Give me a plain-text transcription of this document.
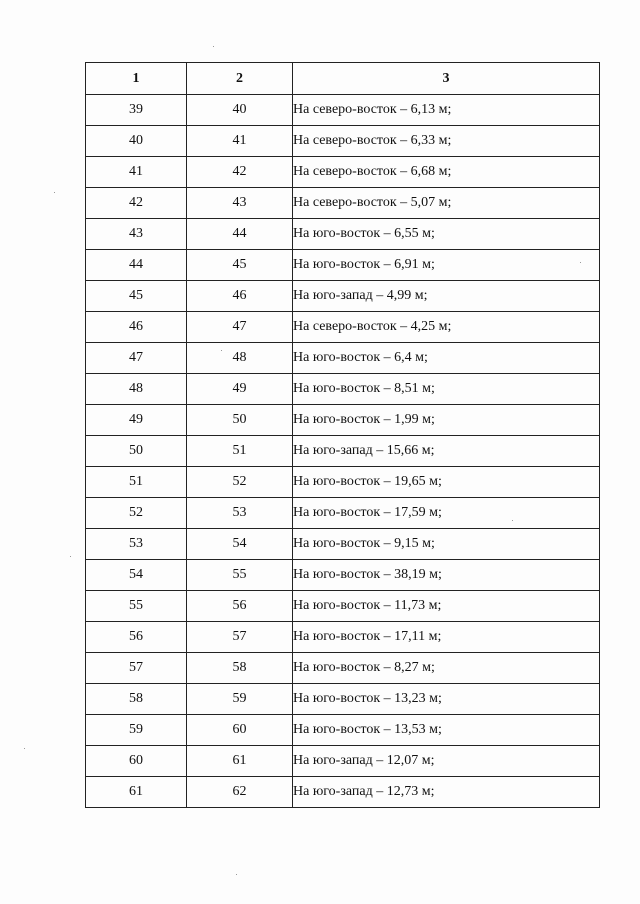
1	2	3
39	40	На северо-восток – 6,13 м;
40	41	На северо-восток – 6,33 м;
41	42	На северо-восток – 6,68 м;
42	43	На северо-восток – 5,07 м;
43	44	На юго-восток – 6,55 м;
44	45	На юго-восток – 6,91 м;
45	46	На юго-запад – 4,99 м;
46	47	На северо-восток – 4,25 м;
47	48	На юго-восток – 6,4 м;
48	49	На юго-восток – 8,51 м;
49	50	На юго-восток – 1,99 м;
50	51	На юго-запад – 15,66 м;
51	52	На юго-восток – 19,65 м;
52	53	На юго-восток – 17,59 м;
53	54	На юго-восток – 9,15 м;
54	55	На юго-восток – 38,19 м;
55	56	На юго-восток – 11,73 м;
56	57	На юго-восток – 17,11 м;
57	58	На юго-восток – 8,27 м;
58	59	На юго-восток – 13,23 м;
59	60	На юго-восток – 13,53 м;
60	61	На юго-запад – 12,07 м;
61	62	На юго-запад – 12,73 м;
